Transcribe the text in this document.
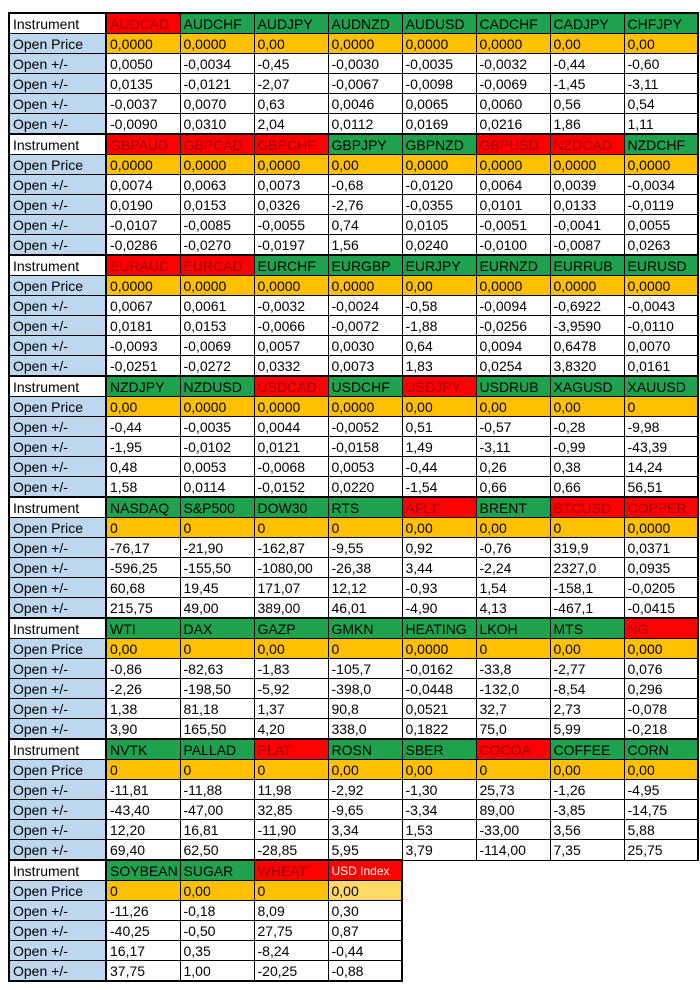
Instrument	AUDCAD	AUDCHF	AUDJPY	AUDNZD	AUDUSD	CADCHF	CADJPY	CHFJPY
Open Price	0,0000	0,0000	0,00	0,0000	0,0000	0,0000	0,00	0,00
Open +/-	0,0050	-0,0034	-0,45	-0,0030	-0,0035	-0,0032	-0,44	-0,60
Open +/-	0,0135	-0,0121	-2,07	-0,0067	-0,0098	-0,0069	-1,45	-3,11
Open +/-	-0,0037	0,0070	0,63	0,0046	0,0065	0,0060	0,56	0,54
Open +/-	-0,0090	0,0310	2,04	0,0112	0,0169	0,0216	1,86	1,11
Instrument	GBPAUD	GBPCAD	GBPCHF	GBPJPY	GBPNZD	GBPUSD	NZDCAD	NZDCHF
Open Price	0,0000	0,0000	0,0000	0,00	0,0000	0,0000	0,0000	0,0000
Open +/-	0,0074	0,0063	0,0073	-0,68	-0,0120	0,0064	0,0039	-0,0034
Open +/-	0,0190	0,0153	0,0326	-2,76	-0,0355	0,0101	0,0133	-0,0119
Open +/-	-0,0107	-0,0085	-0,0055	0,74	0,0105	-0,0051	-0,0041	0,0055
Open +/-	-0,0286	-0,0270	-0,0197	1,56	0,0240	-0,0100	-0,0087	0,0263
Instrument	EURAUD	EURCAD	EURCHF	EURGBP	EURJPY	EURNZD	EURRUB	EURUSD
Open Price	0,0000	0,0000	0,0000	0,0000	0,00	0,0000	0,0000	0,0000
Open +/-	0,0067	0,0061	-0,0032	-0,0024	-0,58	-0,0094	-0,6922	-0,0043
Open +/-	0,0181	0,0153	-0,0066	-0,0072	-1,88	-0,0256	-3,9590	-0,0110
Open +/-	-0,0093	-0,0069	0,0057	0,0030	0,64	0,0094	0,6478	0,0070
Open +/-	-0,0251	-0,0272	0,0332	0,0073	1,83	0,0254	3,8320	0,0161
Instrument	NZDJPY	NZDUSD	USDCAD	USDCHF	USDJPY	USDRUB	XAGUSD	XAUUSD
Open Price	0,00	0,0000	0,0000	0,0000	0,00	0,00	0,00	0
Open +/-	-0,44	-0,0035	0,0044	-0,0052	0,51	-0,57	-0,28	-9,98
Open +/-	-1,95	-0,0102	0,0121	-0,0158	1,49	-3,11	-0,99	-43,39
Open +/-	0,48	0,0053	-0,0068	0,0053	-0,44	0,26	0,38	14,24
Open +/-	1,58	0,0114	-0,0152	0,0220	-1,54	0,66	0,66	56,51
Instrument	NASDAQ	S&P500	DOW30	RTS	AFLT	BRENT	BTCUSD	COPPER
Open Price	0	0	0	0	0,00	0,00	0	0,0000
Open +/-	-76,17	-21,90	-162,87	-9,55	0,92	-0,76	319,9	0,0371
Open +/-	-596,25	-155,50	-1080,00	-26,38	3,44	-2,24	2327,0	0,0935
Open +/-	60,68	19,45	171,07	12,12	-0,93	1,54	-158,1	-0,0205
Open +/-	215,75	49,00	389,00	46,01	-4,90	4,13	-467,1	-0,0415
Instrument	WTI	DAX	GAZP	GMKN	HEATING	LKOH	MTS	NG
Open Price	0,00	0	0,00	0	0,0000	0	0,00	0,000
Open +/-	-0,86	-82,63	-1,83	-105,7	-0,0162	-33,8	-2,77	0,076
Open +/-	-2,26	-198,50	-5,92	-398,0	-0,0448	-132,0	-8,54	0,296
Open +/-	1,38	81,18	1,37	90,8	0,0521	32,7	2,73	-0,078
Open +/-	3,90	165,50	4,20	338,0	0,1822	75,0	5,99	-0,218
Instrument	NVTK	PALLAD	PLAT	ROSN	SBER	COCOA	COFFEE	CORN
Open Price	0	0	0	0,00	0,00	0	0,00	0,00
Open +/-	-11,81	-11,88	11,98	-2,92	-1,30	25,73	-1,26	-4,95
Open +/-	-43,40	-47,00	32,85	-9,65	-3,34	89,00	-3,85	-14,75
Open +/-	12,20	16,81	-11,90	3,34	1,53	-33,00	3,56	5,88
Open +/-	69,40	62,50	-28,85	5,95	3,79	-114,00	7,35	25,75
Instrument	SOYBEAN	SUGAR	WHEAT	USD Index				
Open Price	0	0,00	0	0,00				
Open +/-	-11,26	-0,18	8,09	0,30				
Open +/-	-40,25	-0,50	27,75	0,87				
Open +/-	16,17	0,35	-8,24	-0,44				
Open +/-	37,75	1,00	-20,25	-0,88				
